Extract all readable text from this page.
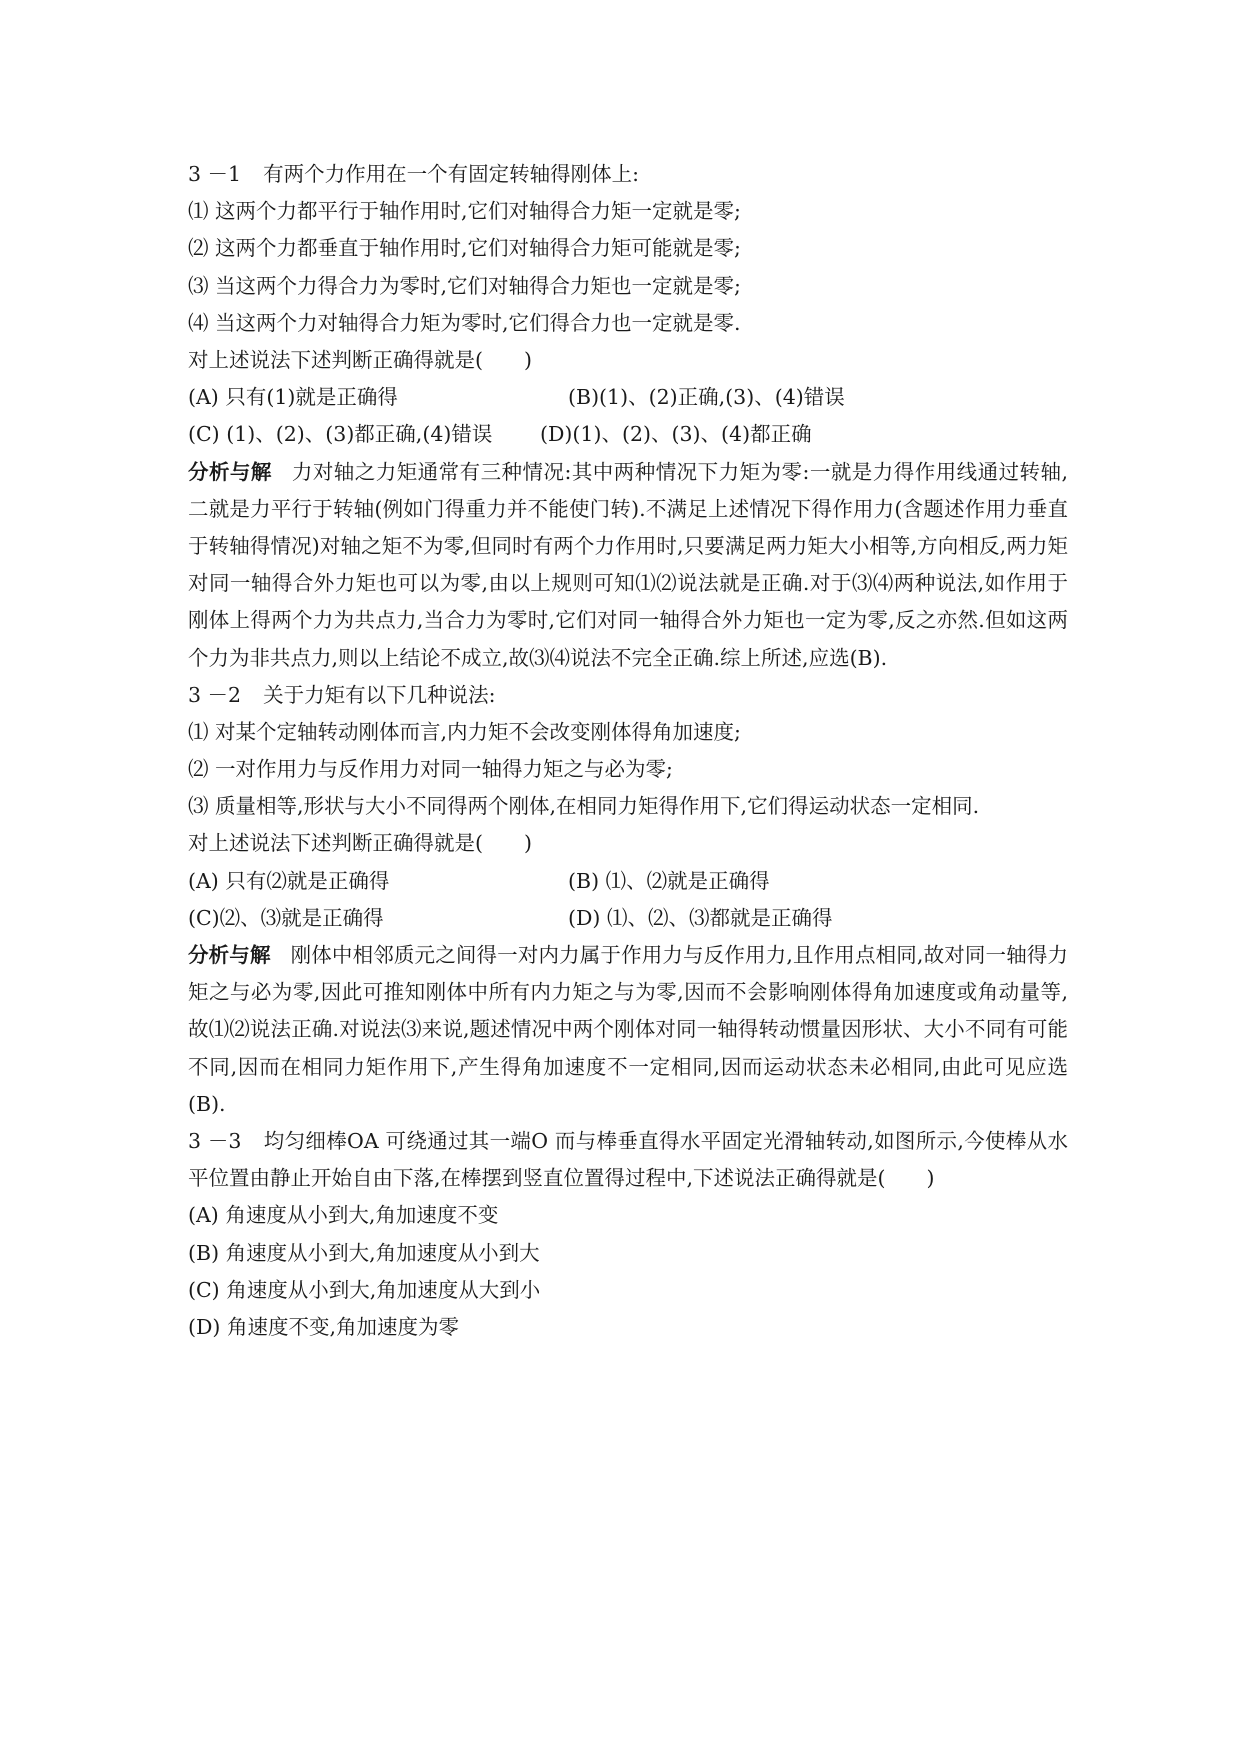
3 －1 有两个力作用在一个有固定转轴得刚体上:
⑴ 这两个力都平行于轴作用时,它们对轴得合力矩一定就是零;
⑵ 这两个力都垂直于轴作用时,它们对轴得合力矩可能就是零;
⑶ 当这两个力得合力为零时,它们对轴得合力矩也一定就是零;
⑷ 当这两个力对轴得合力矩为零时,它们得合力也一定就是零.
对上述说法下述判断正确得就是(　　)
(A) 只有(1)就是正确得	(B)(1)、(2)正确,(3)、(4)错误
(C) (1)、(2)、(3)都正确,(4)错误	(D)(1)、(2)、(3)、(4)都正确
分析与解 力对轴之力矩通常有三种情况:其中两种情况下力矩为零:一就是力得作用线通过转轴,二就是力平行于转轴(例如门得重力并不能使门转).不满足上述情况下得作用力(含题述作用力垂直于转轴得情况)对轴之矩不为零,但同时有两个力作用时,只要满足两力矩大小相等,方向相反,两力矩对同一轴得合外力矩也可以为零,由以上规则可知⑴⑵说法就是正确.对于⑶⑷两种说法,如作用于刚体上得两个力为共点力,当合力为零时,它们对同一轴得合外力矩也一定为零,反之亦然.但如这两个力为非共点力,则以上结论不成立,故⑶⑷说法不完全正确.综上所述,应选(B).
3 －2 关于力矩有以下几种说法:
⑴ 对某个定轴转动刚体而言,内力矩不会改变刚体得角加速度;
⑵ 一对作用力与反作用力对同一轴得力矩之与必为零;
⑶ 质量相等,形状与大小不同得两个刚体,在相同力矩得作用下,它们得运动状态一定相同.
对上述说法下述判断正确得就是(　　)
(A) 只有⑵就是正确得	(B) ⑴、⑵就是正确得
(C)⑵、⑶就是正确得	(D) ⑴、⑵、⑶都就是正确得
分析与解 刚体中相邻质元之间得一对内力属于作用力与反作用力,且作用点相同,故对同一轴得力矩之与必为零,因此可推知刚体中所有内力矩之与为零,因而不会影响刚体得角加速度或角动量等,故⑴⑵说法正确.对说法⑶来说,题述情况中两个刚体对同一轴得转动惯量因形状、大小不同有可能不同,因而在相同力矩作用下,产生得角加速度不一定相同,因而运动状态未必相同,由此可见应选(B).
3 －3 均匀细棒OA 可绕通过其一端O 而与棒垂直得水平固定光滑轴转动,如图所示,今使棒从水平位置由静止开始自由下落,在棒摆到竖直位置得过程中,下述说法正确得就是(　　)
(A) 角速度从小到大,角加速度不变
(B) 角速度从小到大,角加速度从小到大
(C) 角速度从小到大,角加速度从大到小
(D) 角速度不变,角加速度为零
